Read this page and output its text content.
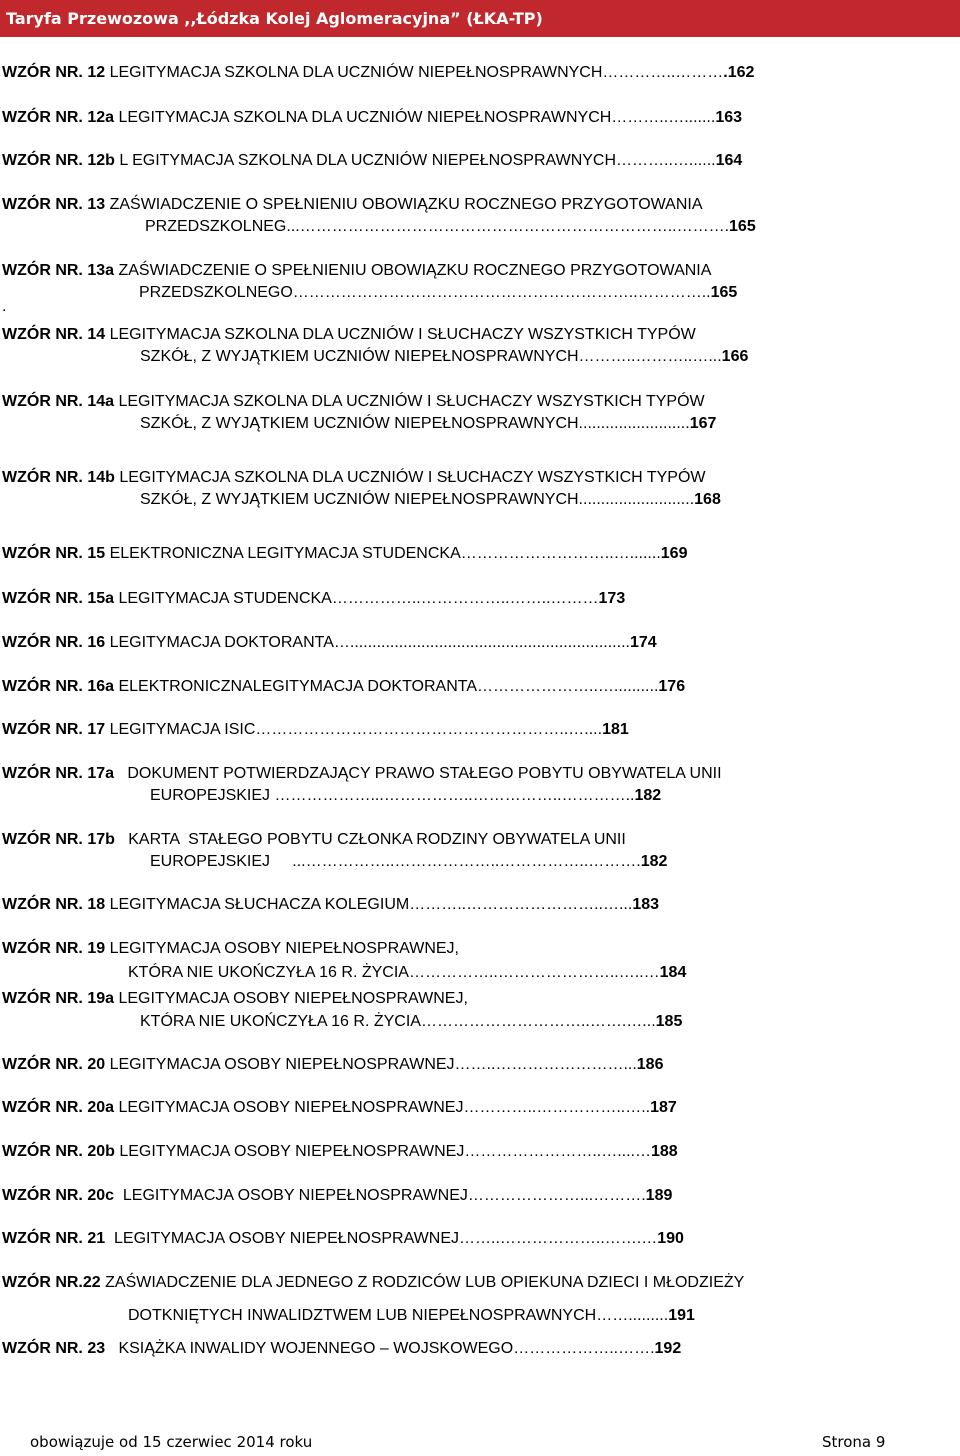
Taryfa Przewozowa ,,Łódzka Kolej Aglomeracyjna” (ŁKA-TP)
WZÓR NR. 12 LEGITYMACJA SZKOLNA DLA UCZNIÓW NIEPEŁNOSPRAWNYCH…………..……….162
WZÓR NR. 12a LEGITYMACJA SZKOLNA DLA UCZNIÓW NIEPEŁNOSPRAWNYCH………..….......163
WZÓR NR. 12b L EGITYMACJA SZKOLNA DLA UCZNIÓW NIEPEŁNOSPRAWNYCH………..…......164
WZÓR NR. 13 ZAŚWIADCZENIE O SPEŁNIENIU OBOWIĄZKU ROCZNEGO PRZYGOTOWANIA
PRZEDSZKOLNEG...……………………………………………………………..……….165
WZÓR NR. 13a ZAŚWIADCZENIE O SPEŁNIENIU OBOWIĄZKU ROCZNEGO PRZYGOTOWANIA
PRZEDSZKOLNEGO………………………………………………………..…………..165
.
WZÓR NR. 14 LEGITYMACJA SZKOLNA DLA UCZNIÓW I SŁUCHACZY WSZYSTKICH TYPÓW
SZKÓŁ, Z WYJĄTKIEM UCZNIÓW NIEPEŁNOSPRAWNYCH………..………..…...166
WZÓR NR. 14a LEGITYMACJA SZKOLNA DLA UCZNIÓW I SŁUCHACZY WSZYSTKICH TYPÓW
SZKÓŁ, Z WYJĄTKIEM UCZNIÓW NIEPEŁNOSPRAWNYCH.........................167
WZÓR NR. 14b LEGITYMACJA SZKOLNA DLA UCZNIÓW I SŁUCHACZY WSZYSTKICH TYPÓW
SZKÓŁ, Z WYJĄTKIEM UCZNIÓW NIEPEŁNOSPRAWNYCH..........................168
WZÓR NR. 15 ELEKTRONICZNA LEGITYMACJA STUDENCKA………………………..….......169
WZÓR NR. 15a LEGITYMACJA STUDENCKA……………..……………..……..………173
WZÓR NR. 16 LEGITYMACJA DOKTORANTA…...............................................................174
WZÓR NR. 16a ELEKTRONICZNALEGITYMACJA DOKTORANTA…………………..…..........176
WZÓR NR. 17 LEGITYMACJA ISIC…………………………………………………..…....181
WZÓR NR. 17a   DOKUMENT POTWIERDZAJĄCY PRAWO STAŁEGO POBYTU OBYWATELA UNII
EUROPEJSKIEJ ………………...……………..……………..…………..182
WZÓR NR. 17b   KARTA  STAŁEGO POBYTU CZŁONKA RODZINY OBYWATELA UNII
EUROPEJSKIEJ     ...……………..………………..……………..……….182
WZÓR NR. 18 LEGITYMACJA SŁUCHACZA KOLEGIUM………..……………………..…...183
WZÓR NR. 19 LEGITYMACJA OSOBY NIEPEŁNOSPRAWNEJ,
KTÓRA NIE UKOŃCZYŁA 16 R. ŻYCIA……………..…………………..…..…184
WZÓR NR. 19a LEGITYMACJA OSOBY NIEPEŁNOSPRAWNEJ,
KTÓRA NIE UKOŃCZYŁA 16 R. ŻYCIA…………………………..…….…...185
WZÓR NR. 20 LEGITYMACJA OSOBY NIEPEŁNOSPRAWNEJ……..……………………...186
WZÓR NR. 20a LEGITYMACJA OSOBY NIEPEŁNOSPRAWNEJ…………..……………..…..187
WZÓR NR. 20b LEGITYMACJA OSOBY NIEPEŁNOSPRAWNEJ……………………..…....…188
WZÓR NR. 20c  LEGITYMACJA OSOBY NIEPEŁNOSPRAWNEJ…………………...……….189
WZÓR NR. 21  LEGITYMACJA OSOBY NIEPEŁNOSPRAWNEJ……..………………..…….…190
WZÓR NR.22 ZAŚWIADCZENIE DLA JEDNEGO Z RODZICÓW LUB OPIEKUNA DZIECI I MŁODZIEŻY
DOTKNIĘTYCH INWALIDZTWEM LUB NIEPEŁNOSPRAWNYCH…….........191
WZÓR NR. 23   KSIĄŻKA INWALIDY WOJENNEGO – WOJSKOWEGO………………..…….192
obowiązuje od 15 czerwiec 2014 roku	Strona 9
